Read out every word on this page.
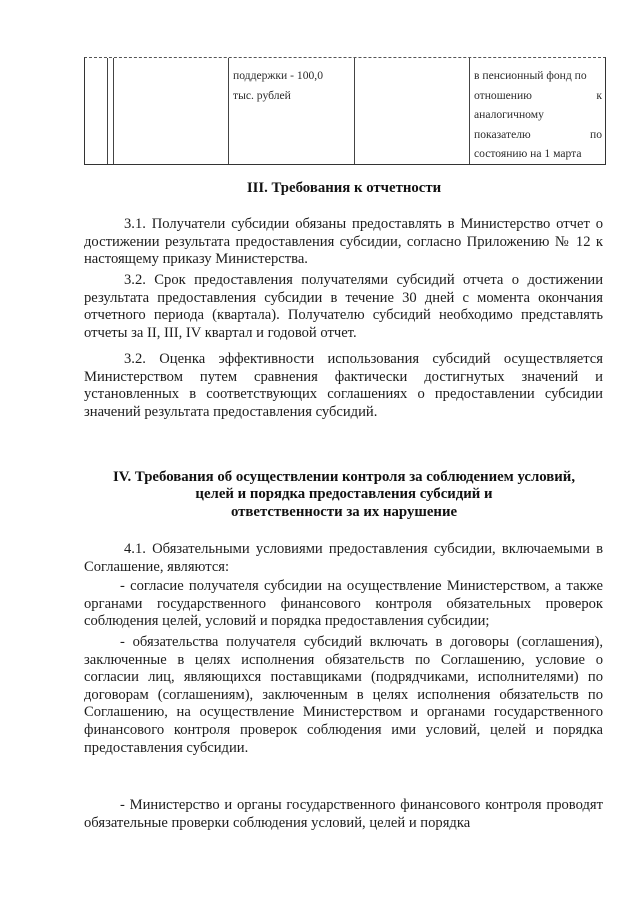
поддержки - 100,0
тыс. рублей
в пенсионный фонд по
отношению	к
аналогичному
показателю	по
состоянию на 1 марта
III. Требования к отчетности
3.1. Получатели субсидии обязаны предоставлять в Министерство отчет о достижении результата предоставления субсидии, согласно Приложению № 12 к настоящему приказу Министерства.
3.2. Срок предоставления получателями субсидий отчета о достижении результата предоставления субсидии в течение 30 дней с момента окончания отчетного периода (квартала). Получателю субсидий необходимо представлять отчеты за II, III, IV квартал и годовой отчет.
3.2. Оценка эффективности использования субсидий осуществляется Министерством путем сравнения фактически достигнутых значений и установленных в соответствующих соглашениях о предоставлении субсидии значений результата предоставления субсидий.
IV. Требования об осуществлении контроля за соблюдением условий,
целей и порядка предоставления субсидий и
ответственности за их нарушение
4.1. Обязательными условиями предоставления субсидии, включаемыми в Соглашение, являются:
- согласие получателя субсидии на осуществление Министерством, а также органами государственного финансового контроля обязательных проверок соблюдения целей, условий и порядка предоставления субсидии;
- обязательства получателя субсидий включать в договоры (соглашения), заключенные в целях исполнения обязательств по Соглашению, условие о согласии лиц, являющихся поставщиками (подрядчиками, исполнителями) по договорам (соглашениям), заключенным в целях исполнения обязательств по Соглашению, на осуществление Министерством и органами государственного финансового контроля проверок соблюдения ими условий, целей и порядка предоставления субсидии.
- Министерство и органы государственного финансового контроля проводят обязательные проверки соблюдения условий, целей и порядка
